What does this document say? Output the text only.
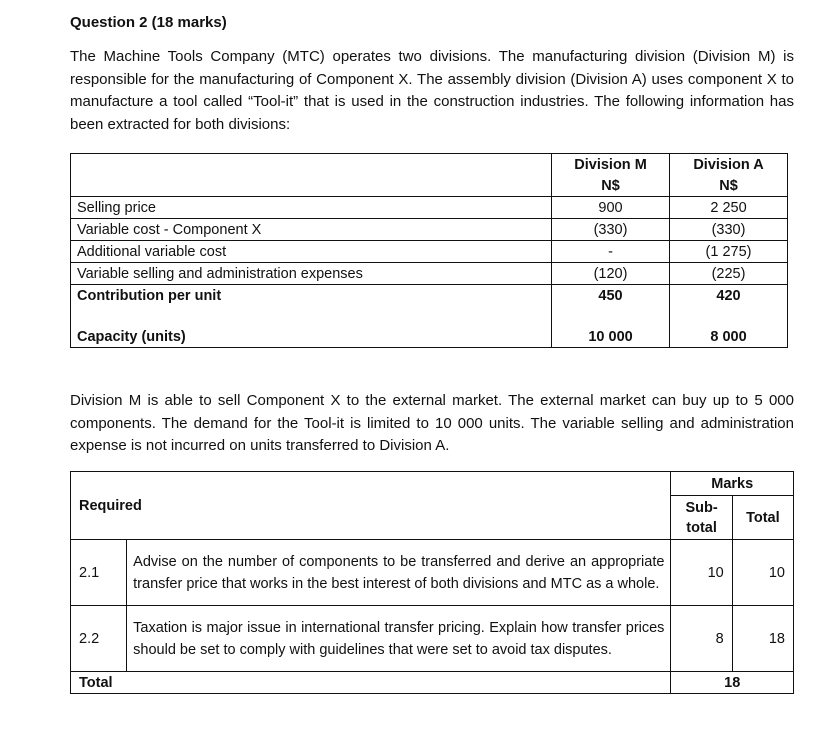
Question 2 (18 marks)
The Machine Tools Company (MTC) operates two divisions. The manufacturing division (Division M) is responsible for the manufacturing of Component X. The assembly division (Division A) uses component X to manufacture a tool called “Tool-it” that is used in the construction industries. The following information has been extracted for both divisions:
	Division M	Division A
	N$	N$
Selling price	900	2 250
Variable cost - Component X	(330)	(330)
Additional variable cost	-	(1 275)
Variable selling and administration expenses	(120)	(225)
Contribution per unit	450	420

Capacity (units)	10 000	8 000
Division M is able to sell Component X to the external market. The external market can buy up to 5 000 components. The demand for the Tool-it is limited to 10 000 units. The variable selling and administration expense is not incurred on units transferred to Division A.
Required		Marks	
		Sub-total	Total
2.1	Advise on the number of components to be transferred and derive an appropriate transfer price that works in the best interest of both divisions and MTC as a whole.	10	10
2.2	Taxation is major issue in international transfer pricing. Explain how transfer prices should be set to comply with guidelines that were set to avoid tax disputes.	8	18
Total		18	
